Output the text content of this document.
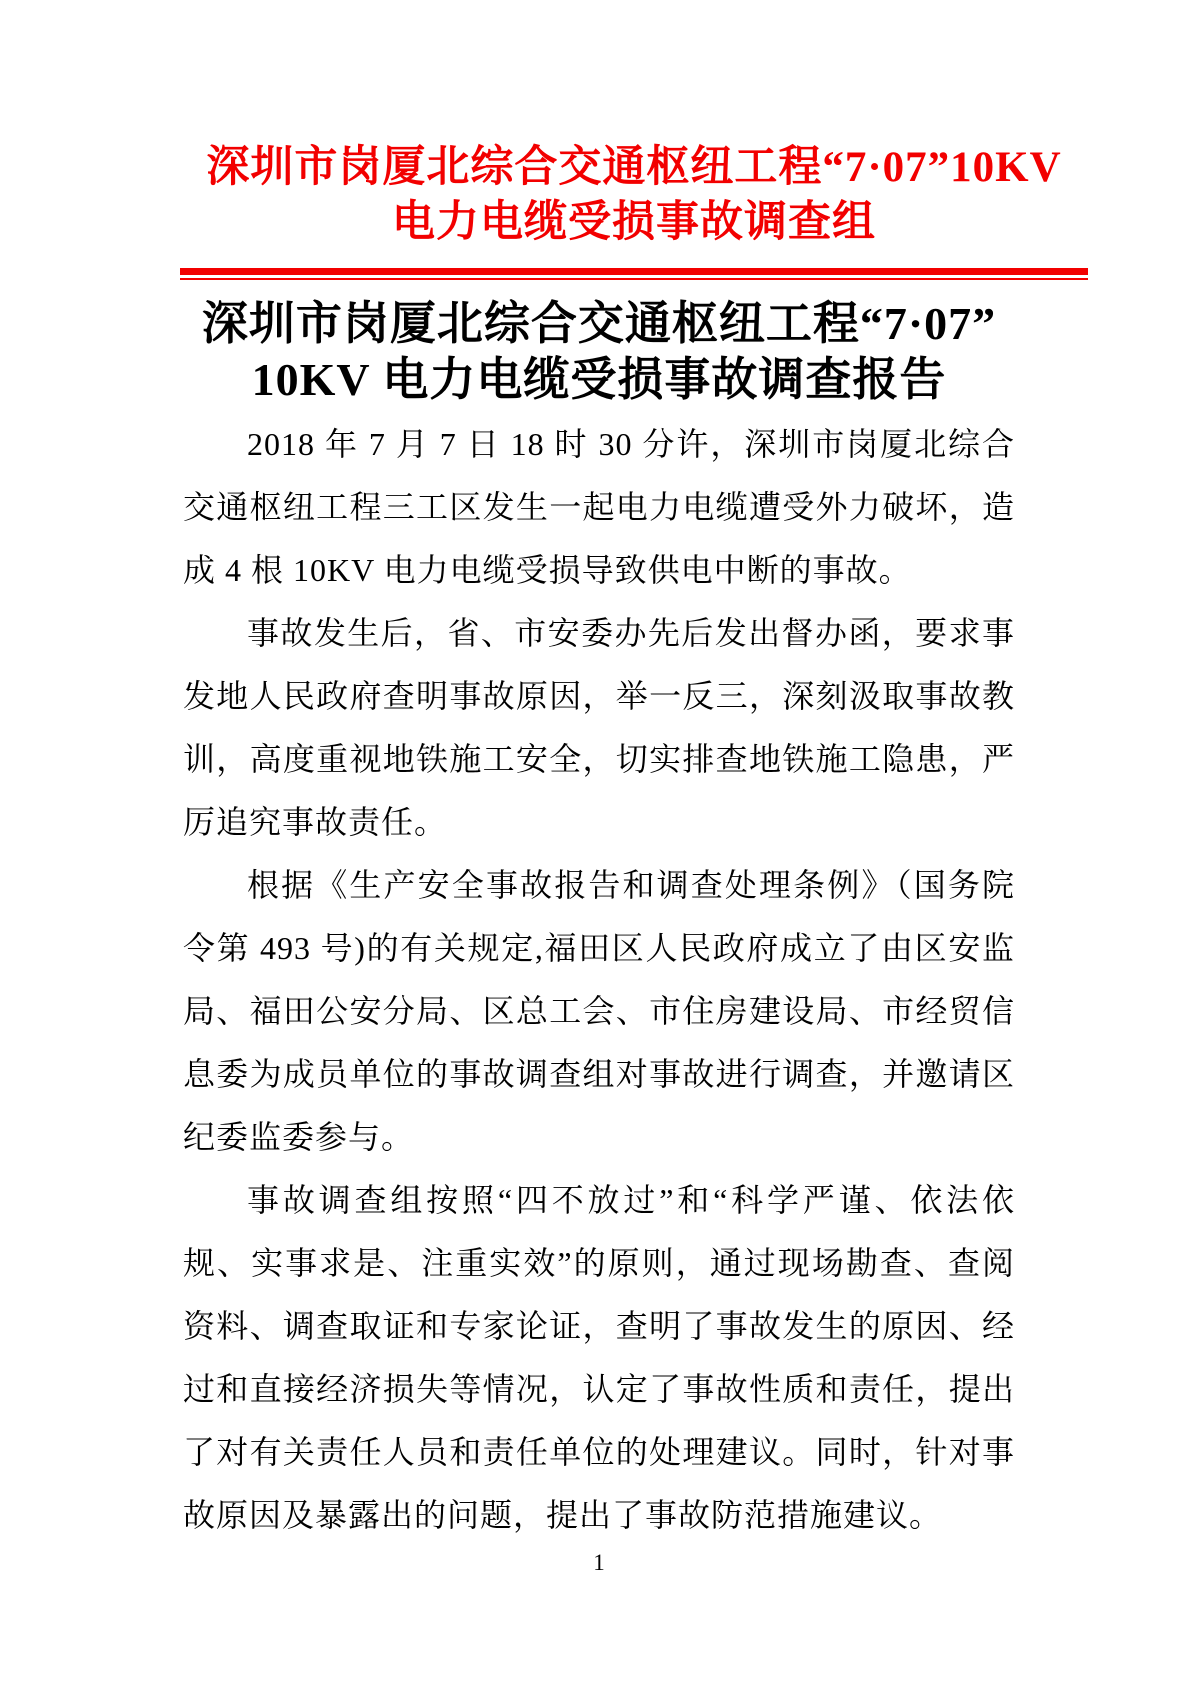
深圳市岗厦北综合交通枢纽工程“7·07”10KV
电力电缆受损事故调查组
深圳市岗厦北综合交通枢纽工程“7·07”
10KV 电力电缆受损事故调查报告

2018 年 7 月 7 日 18 时 30 分许，深圳市岗厦北综合交通枢纽工程三工区发生一起电力电缆遭受外力破坏，造成 4 根 10KV 电力电缆受损导致供电中断的事故。

事故发生后，省、市安委办先后发出督办函，要求事发地人民政府查明事故原因，举一反三，深刻汲取事故教训，高度重视地铁施工安全，切实排查地铁施工隐患，严厉追究事故责任。

根据《生产安全事故报告和调查处理条例》（国务院令第 493 号)的有关规定,福田区人民政府成立了由区安监局、福田公安分局、区总工会、市住房建设局、市经贸信息委为成员单位的事故调查组对事故进行调查，并邀请区纪委监委参与。

事故调查组按照“四不放过”和“科学严谨、依法依规、实事求是、注重实效”的原则，通过现场勘查、查阅资料、调查取证和专家论证，查明了事故发生的原因、经过和直接经济损失等情况，认定了事故性质和责任，提出了对有关责任人员和责任单位的处理建议。同时，针对事故原因及暴露出的问题，提出了事故防范措施建议。

1
